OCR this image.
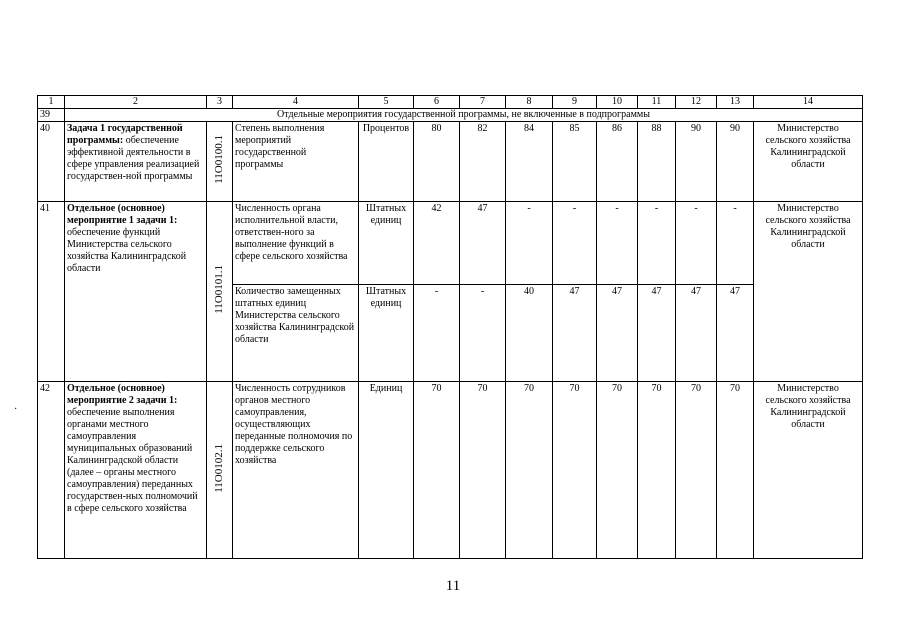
1	2	3	4	5	6	7	8	9	10	11	12	13	14
39	Отдельные мероприятия государственной программы, не включенные в подпрограммы												
40	Задача 1 государственной программы: обеспечение эффективной деятельности в сфере управления реализацией государствен-ной программы	11O0100.1	Степень выполнения мероприятий государственной программы	Процентов	80	82	84	85	86	88	90	90	Министерство сельского хозяйства Калининградской области
41	Отдельное (основное) мероприятие 1 задачи 1: обеспечение функций Министерства сельского хозяйства Калининградской области	11O0101.1	Численность органа исполнительной власти, ответствен-ного за выполнение функций в сфере сельского хозяйства	Штатных единиц	42	47	-	-	-	-	-	-	Министерство сельского хозяйства Калининградской области
			Количество замещенных штатных единиц Министерства сельского хозяйства Калининградской области	Штатных единиц	-	-	40	47	47	47	47	47	
42	Отдельное (основное) мероприятие 2 задачи 1: обеспечение выполнения органами местного самоуправления муниципальных образований Калининградской области (далее – органы местного самоуправления) переданных государствен-ных полномочий в сфере сельского хозяйства	11O0102.1	Численность сотрудников органов местного самоуправления, осуществляющих переданные полномочия по поддержке сельского хозяйства	Единиц	70	70	70	70	70	70	70	70	Министерство сельского хозяйства Калининградской области
·
11
